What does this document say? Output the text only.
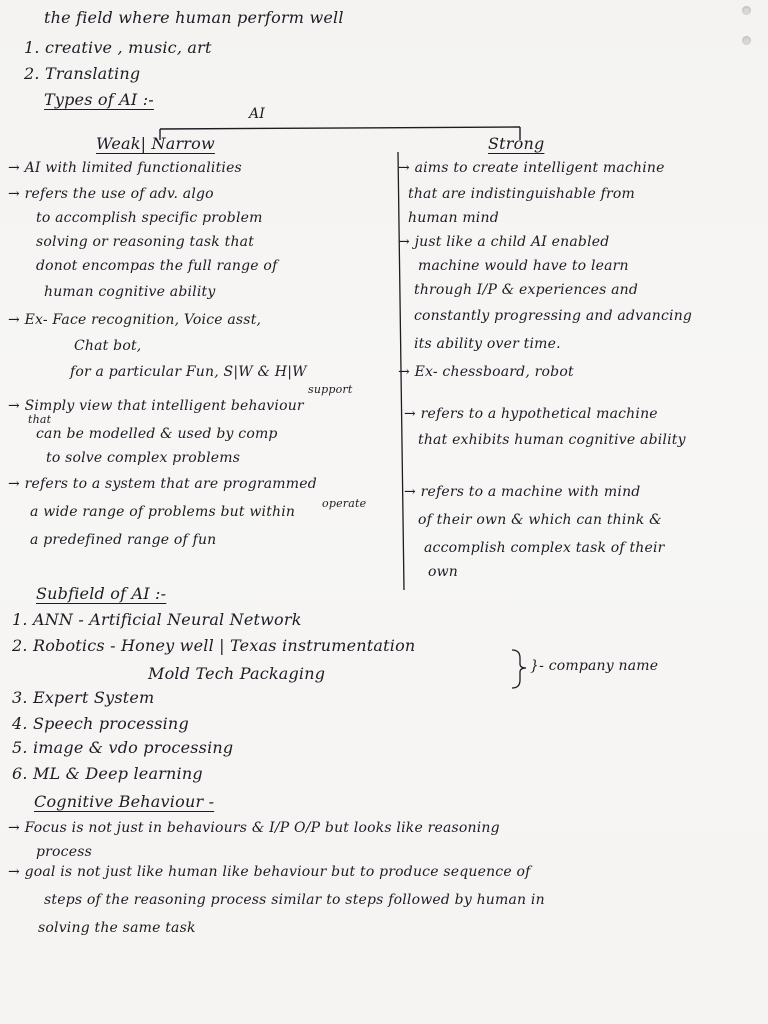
the field where human perform well
1. creative , music, art
2. Translating
Types of AI :-
AI
Weak| Narrow
→ AI with limited functionalities
→ refers the use of adv. algo
to accomplish specific problem
solving or reasoning task that
donot encompas the full range of
human cognitive ability
→ Ex- Face recognition, Voice asst,
Chat bot,
for a particular Fun, S|W & H|W
support
→ Simply view that intelligent behaviour
that
can be modelled & used by comp
to solve complex problems
→ refers to a system that are programmed
a wide range of problems but within
operate
a predefined range of fun
Strong
→ aims to create intelligent machine
that are indistinguishable from
human mind
→ just like a child AI enabled
machine would have to learn
through I/P & experiences and
constantly progressing and advancing
its ability over time.
→ Ex- chessboard, robot
→ refers to a hypothetical machine
that exhibits human cognitive ability
→ refers to a machine with mind
of their own & which can think &
accomplish complex task of their
own
Subfield of AI :-
1. ANN - Artificial Neural Network
2. Robotics - Honey well | Texas instrumentation
Mold Tech Packaging	}- company name
3. Expert System
4. Speech processing
5. image & vdo processing
6. ML & Deep learning
Cognitive Behaviour -
→ Focus is not just in behaviours & I/P O/P but looks like reasoning
process
→ goal is not just like human like behaviour but to produce sequence of
steps of the reasoning process similar to steps followed by human in
solving the same task
